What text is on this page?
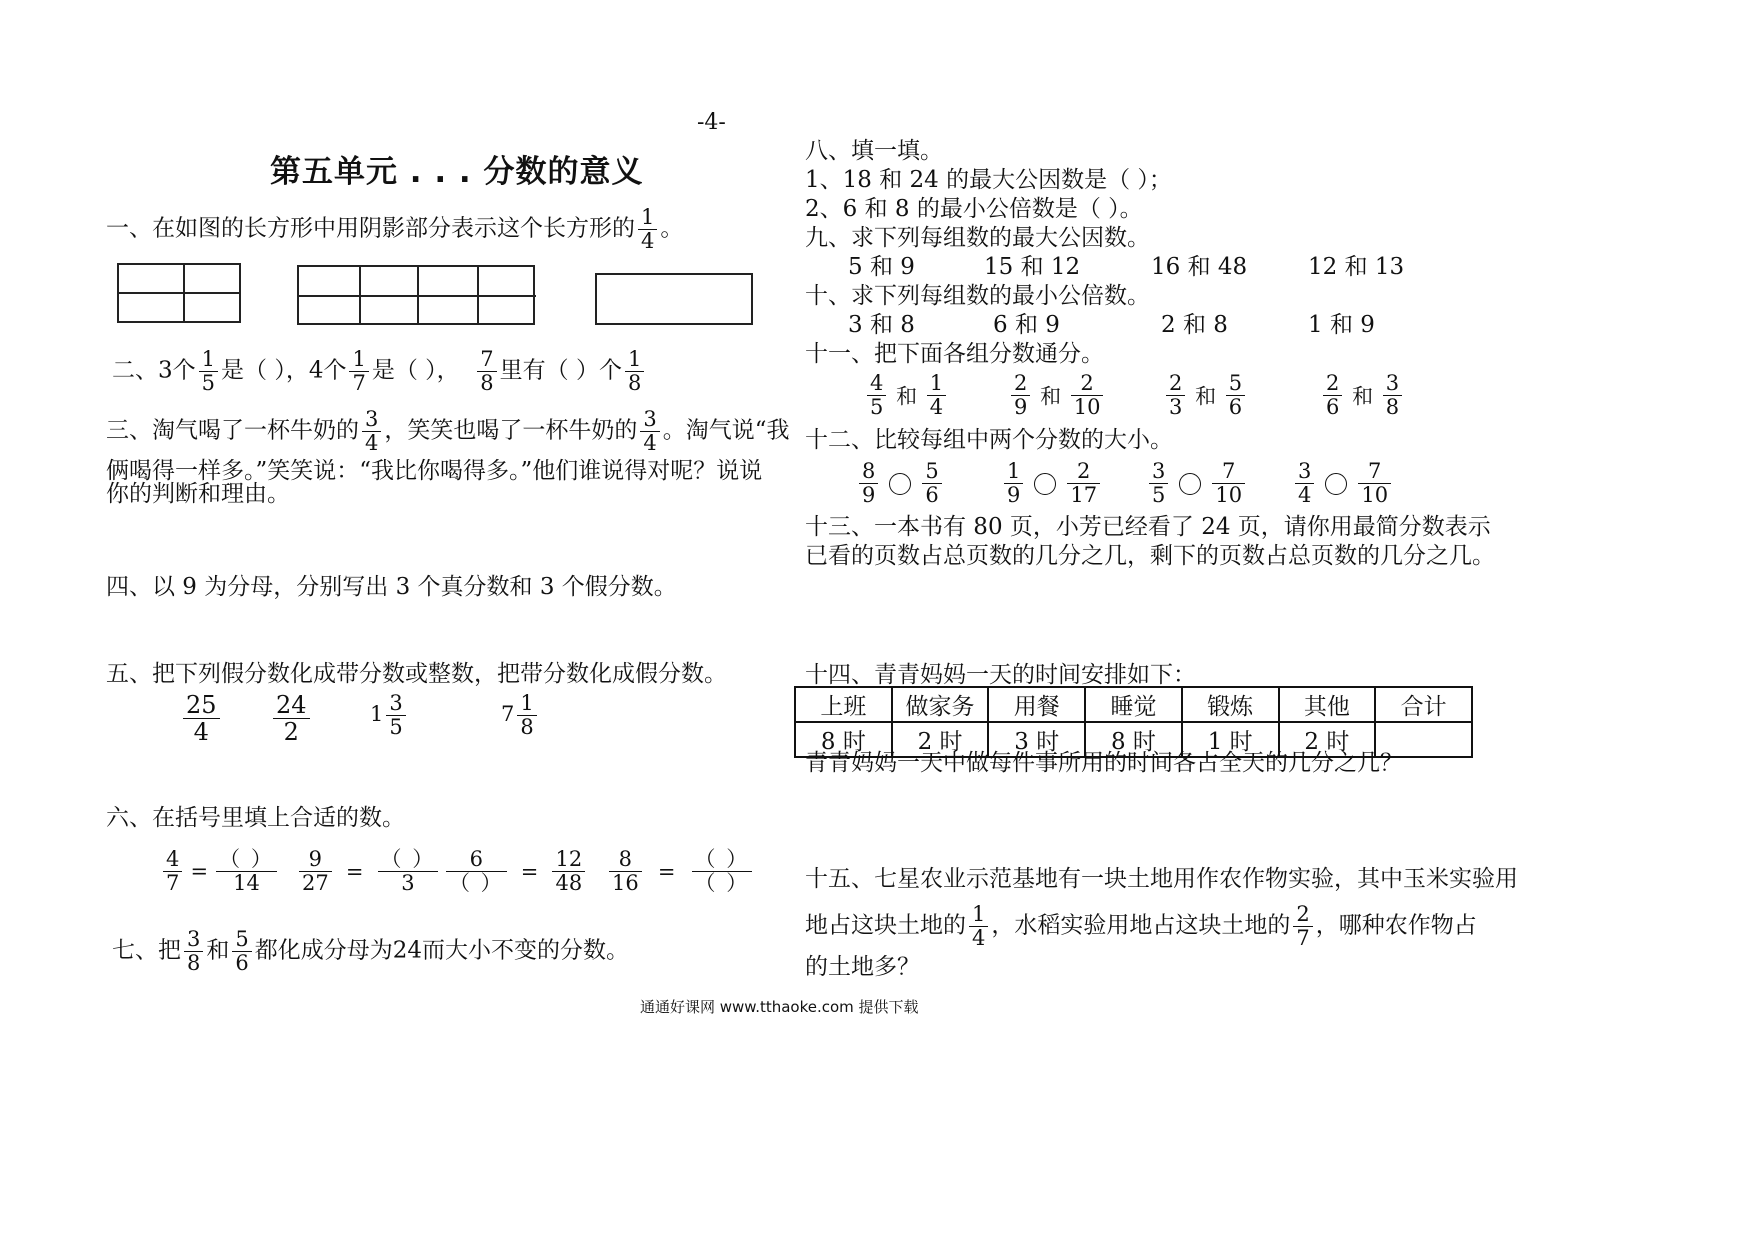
-4-
第五单元 . . . 分数的意义
一、在如图的长方形中用阴影部分表示这个长方形的 $\frac{1}{4}$ 。
二、3个 $\frac{1}{5}$ 是（ ），4个 $\frac{1}{7}$ 是（ ）， $\frac{7}{8}$ 里有（ ）个 $\frac{1}{8}$
三、淘气喝了一杯牛奶的 $\frac{3}{4}$ ，笑笑也喝了一杯牛奶的 $\frac{3}{4}$ 。淘气说“我
俩喝得一样多。”笑笑说：“我比你喝得多。”他们谁说得对呢？说说
你的判断和理由。
四、以 9 为分母，分别写出 3 个真分数和 3 个假分数。
五、把下列假分数化成带分数或整数，把带分数化成假分数。
$\frac{25}{4} \frac{24}{2}$	$1 \frac{3}{5}$	$7 \frac{1}{8}$
六、在括号里填上合适的数。
$\frac{4}{7} = \frac{( )}{14} \frac{9}{27} = \frac{( )}{3} \frac{6}{( )} = \frac{12}{48} \frac{8}{16} = \frac{( )}{( )}$
七、把 $\frac{3}{8}$ 和 $\frac{5}{6}$ 都化成分母为24而大小不变的分数。
八、填一填。
1、18 和 24 的最大公因数是（ ）；
2、6 和 8 的最小公倍数是（ ）。
九、求下列每组数的最大公因数。
5 和 9	15 和 12	16 和 48	12 和 13
十、求下列每组数的最小公倍数。
3 和 8	6 和 9	2 和 8	1 和 9
十一、把下面各组分数通分。
$\frac{4}{5}$ 和 $\frac{1}{4}$	$\frac{2}{9}$ 和 $\frac{2}{10}$	$\frac{2}{3}$ 和 $\frac{5}{6}$	$\frac{2}{6}$ 和 $\frac{3}{8}$
十二、比较每组中两个分数的大小。
$\frac{8}{9} \frac{5}{6}$	$\frac{1}{9} \frac{2}{17} \frac{3}{5} \frac{7}{10} \frac{3}{4} \frac{7}{10}$
十三、一本书有 80 页，小芳已经看了 24 页，请你用最简分数表示
已看的页数占总页数的几分之几，剩下的页数占总页数的几分之几。
十四、青青妈妈一天的时间安排如下：
上班	做家务	用餐	睡觉	锻炼	其他	合计
8 时	2 时	3 时	8 时	1 时	2 时	
青青妈妈一天中做每件事所用的时间各占全天的几分之几？
十五、七星农业示范基地有一块土地用作农作物实验，其中玉米实验用
地占这块土地的 $\frac{1}{4}$ ，水稻实验用地占这块土地的 $\frac{2}{7}$ ，哪种农作物占
的土地多？
通通好课网 www.tthaoke.com 提供下载
